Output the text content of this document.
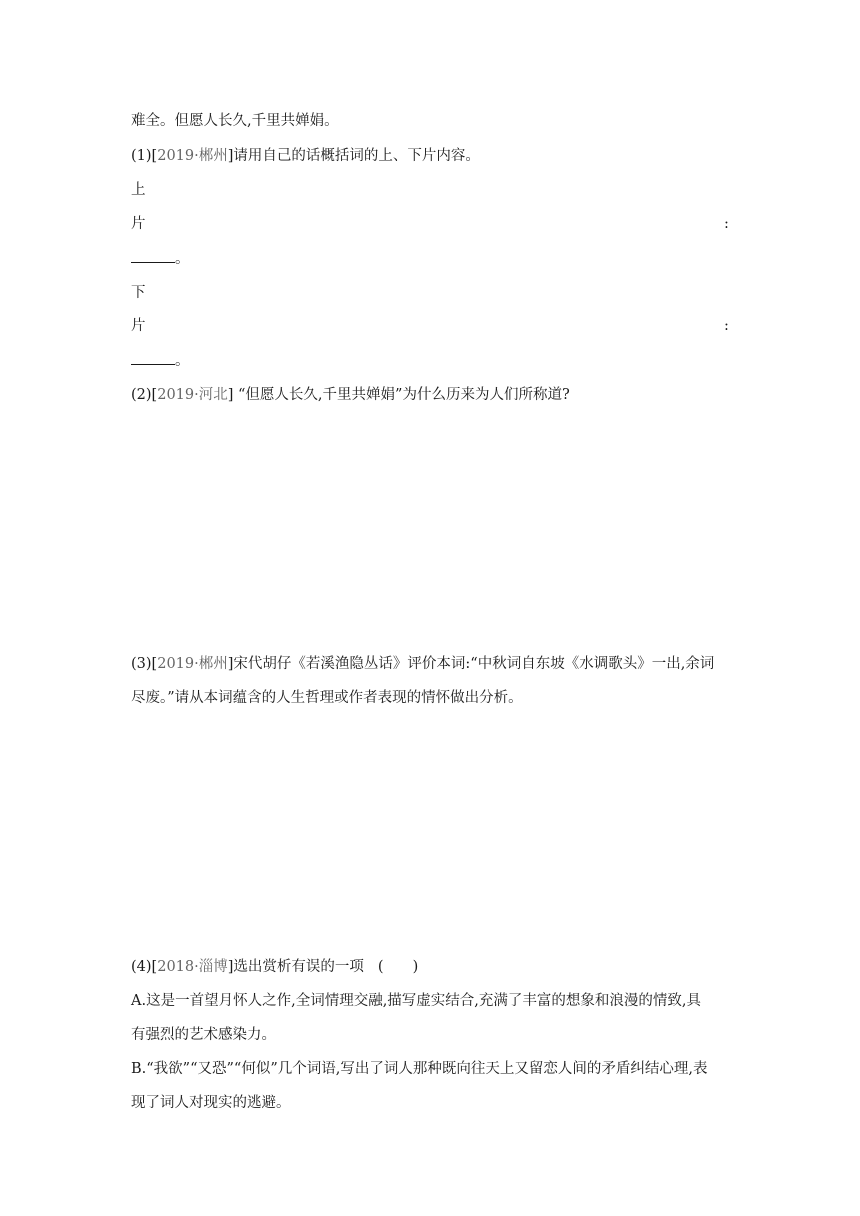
难全。但愿人长久,千里共婵娟。
(1)[2019·郴州]请用自己的话概括词的上、下片内容。
上
片	:
。
下
片	:
。
(2)[2019·河北] “但愿人长久,千里共婵娟”为什么历来为人们所称道?
(3)[2019·郴州]宋代胡仔《若溪渔隐丛话》评价本词:“中秋词自东坡《水调歌头》一出,余词
尽废。”请从本词蕴含的人生哲理或作者表现的情怀做出分析。
(4)[2018·淄博]选出赏析有误的一项 (　　)
A.这是一首望月怀人之作,全词情理交融,描写虚实结合,充满了丰富的想象和浪漫的情致,具
有强烈的艺术感染力。
B.“我欲”“又恐”“何似”几个词语,写出了词人那种既向往天上又留恋人间的矛盾纠结心理,表
现了词人对现实的逃避。
